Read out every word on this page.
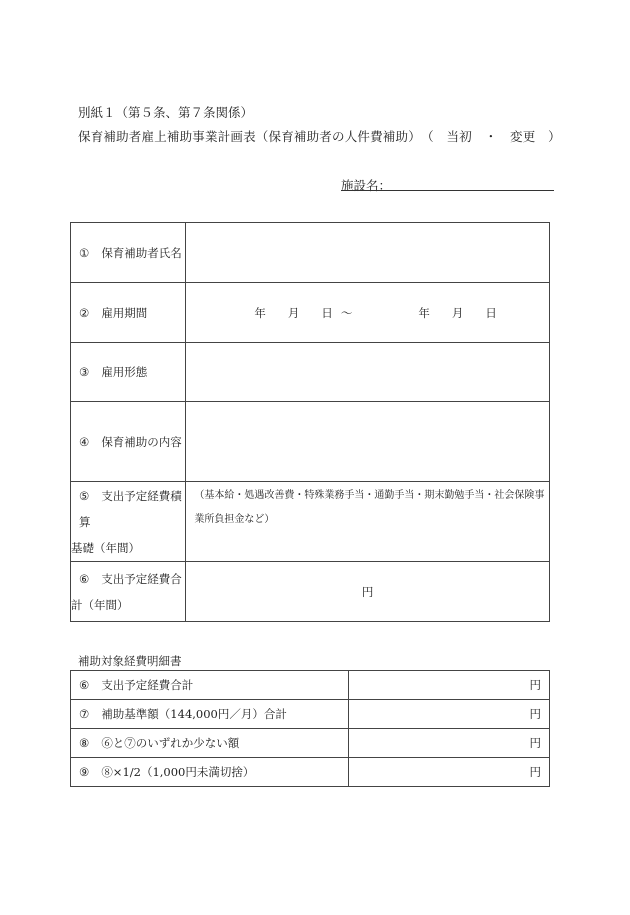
別紙１（第５条、第７条関係）
保育補助者雇上補助事業計画表（保育補助者の人件費補助）　（　当初　・　変更　）
施設名：
① 保育補助者氏名	
② 雇用期間	年 月 日 ～ 年 月 日
③ 雇用形態	
④ 保育補助の内容	
⑤ 支出予定経費積算
基礎（年間）	（基本給・処遇改善費・特殊業務手当・通勤手当・期末勤勉手当・社会保険事業所負担金など）
⑥ 支出予定経費合
計（年間）	円
補助対象経費明細書
⑥ 支出予定経費合計	円
⑦ 補助基準額（144,000円／月）合計	円
⑧ ⑥と⑦のいずれか少ない額	円
⑨ ⑧×1/2（1,000円未満切捨）	円
